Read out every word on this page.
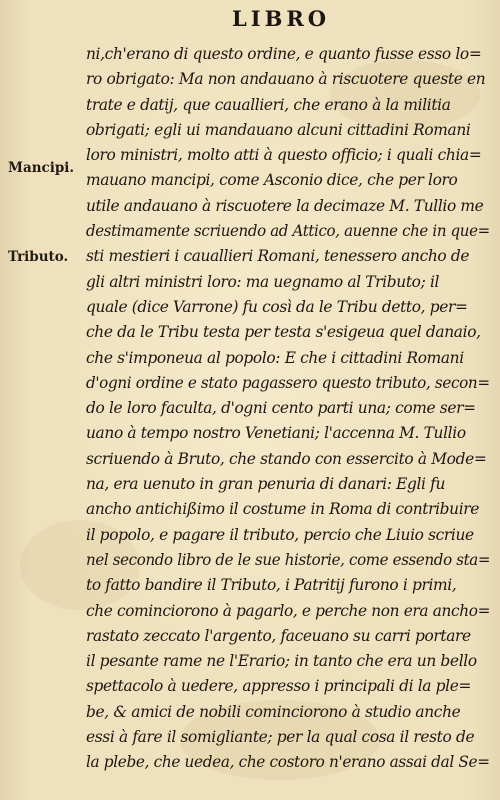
LIBRO
Mancipi.
Tributo.
ni,ch'erano di questo ordine, e quanto fusse esso lo=
ro obrigato: Ma non andauano à riscuotere queste en
trate e datij, que caualliеri, che erano à la militia
obrigati; egli ui mandauano alcuni cittadini Romani
loro ministri, molto atti à questo officio; i quali chia=
mauano mancipi, come Asconio dice, che per loro
utile andauano à riscuotere la decimaze M. Tullio me
destimamente scriuendo ad Attico, auenne che in que=
sti mestieri i caualliеri Romani, tenessero ancho de
gli altri ministri loro: ma uegnamo al Tributo; il
quale (dice Varrone) fu così da le Tribu detto, per=
che da le Tribu testa per testa s'esigeua quel danaio,
che s'imponeua al popolo: E che i cittadini Romani
d'ogni ordine e stato pagassero questo tributo, secon=
do le loro faculta, d'ogni cento parti una; come ser=
uano à tempo nostro Venetiani; l'accenna M. Tullio
scriuendo à Bruto, che stando con essercito à Mode=
na, era uenuto in gran penuria di danari: Egli fu
ancho antichißimo il costume in Roma di contribuire
il popolo, e pagare il tributo, percio che Liuio scriue
nel secondo libro de le sue historie, come essendo sta=
to fatto bandire il Tributo, i Patritij furono i primi,
che cominciorono à pagarlo, e perche non era ancho=
rastato zeccato l'argento, faceuano su carri portare
il pesante rame ne l'Erario; in tanto che era un bello
spettacolo à uedere, appresso i principali di la ple=
be, & amici de nobili cominciorono à studio anche
essi à fare il somigliante; per la qual cosa il resto de
la plebe, che uedea, che costoro n'erano assai dal Se=
